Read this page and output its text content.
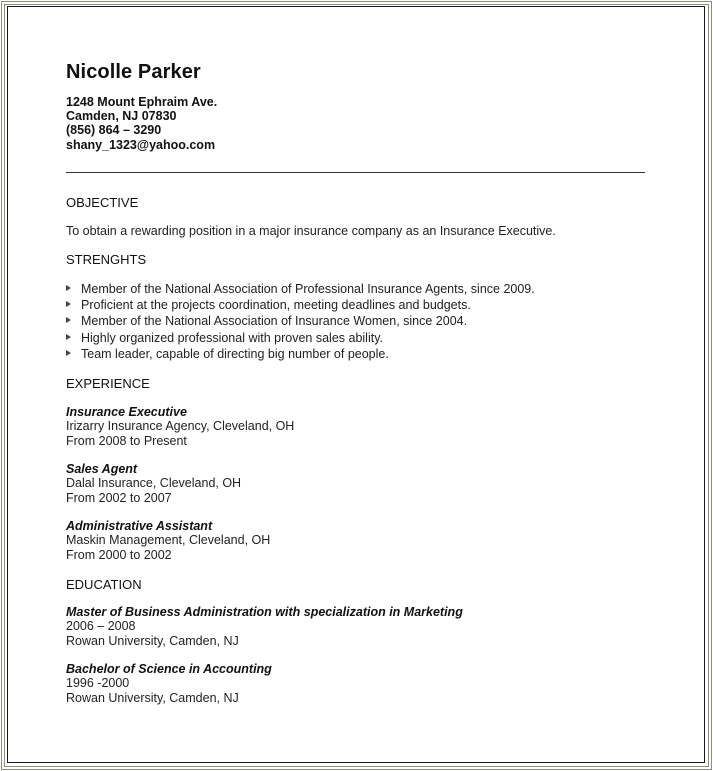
Nicolle Parker
1248 Mount Ephraim Ave.
Camden, NJ 07830
(856) 864 – 3290
shany_1323@yahoo.com
OBJECTIVE
To obtain a rewarding position in a major insurance company as an Insurance Executive.
STRENGHTS
Member of the National Association of Professional Insurance Agents, since 2009.
Proficient at the projects coordination, meeting deadlines and budgets.
Member of the National Association of Insurance Women, since 2004.
Highly organized professional with proven sales ability.
Team leader, capable of directing big number of people.
EXPERIENCE
Insurance Executive
Irizarry Insurance Agency, Cleveland, OH
From 2008 to Present
Sales Agent
Dalal Insurance, Cleveland, OH
From 2002 to 2007
Administrative Assistant
Maskin Management, Cleveland, OH
From 2000 to 2002
EDUCATION
Master of Business Administration with specialization in Marketing
2006 – 2008
Rowan University, Camden, NJ
Bachelor of Science in Accounting
1996 -2000
Rowan University, Camden, NJ
